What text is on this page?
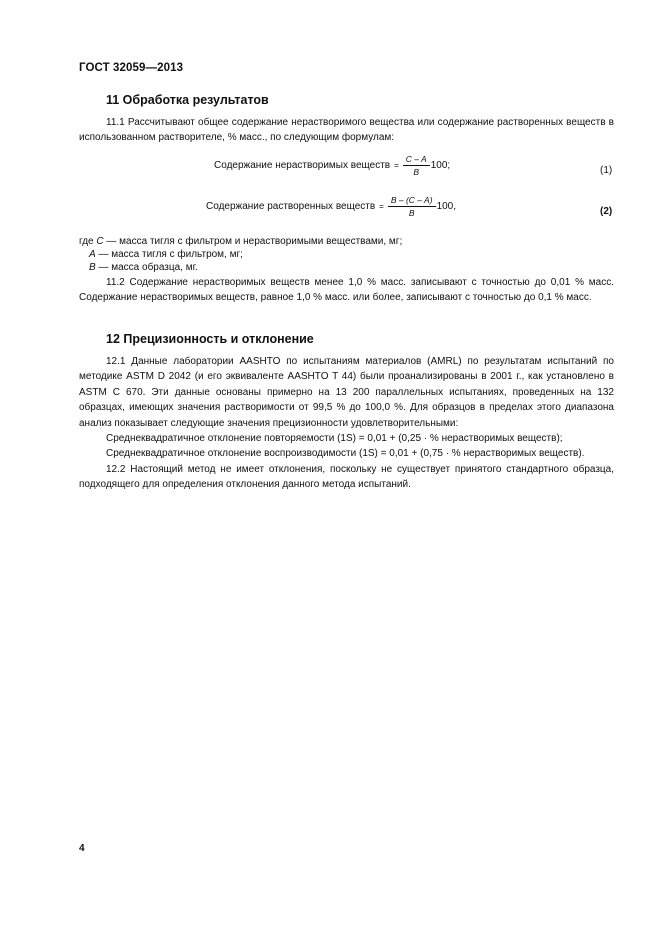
ГОСТ 32059—2013
11 Обработка результатов

11.1 Рассчитывают общее содержание нерастворимого вещества или содержание растворенных веществ в использованном растворителе, % масс., по следующим формулам:

Содержание нерастворимых веществ = $\frac{C - A}{B} 100$;	(1)
Содержание растворенных веществ = $\frac{B - (C - A)}{B} 100$,	(2)

где C — масса тигля с фильтром и нерастворимыми веществами, мг;

A — масса тигля с фильтром, мг;

B — масса образца, мг.

11.2 Содержание нерастворимых веществ менее 1,0 % масс. записывают с точностью до 0,01 % масс. Содержание нерастворимых веществ, равное 1,0 % масс. или более, записывают с точностью до 0,1 % масс.

12 Прецизионность и отклонение

12.1 Данные лаборатории AASHTO по испытаниям материалов (AMRL) по результатам испытаний по методике ASTM D 2042 (и его эквиваленте AASHTO T 44) были проанализированы в 2001 г., как установлено в ASTM C 670. Эти данные основаны примерно на 13 200 параллельных испытаниях, проведенных на 132 образцах, имеющих значения растворимости от 99,5 % до 100,0 %. Для образцов в пределах этого диапазона анализ показывает следующие значения прецизионности удовлетворительными:

Среднеквадратичное отклонение повторяемости (1S) = 0,01 + (0,25 · % нерастворимых веществ);

Среднеквадратичное отклонение воспроизводимости (1S) = 0,01 + (0,75 · % нерастворимых веществ).

12.2 Настоящий метод не имеет отклонения, поскольку не существует принятого стандартного образца, подходящего для определения отклонения данного метода испытаний.

4
